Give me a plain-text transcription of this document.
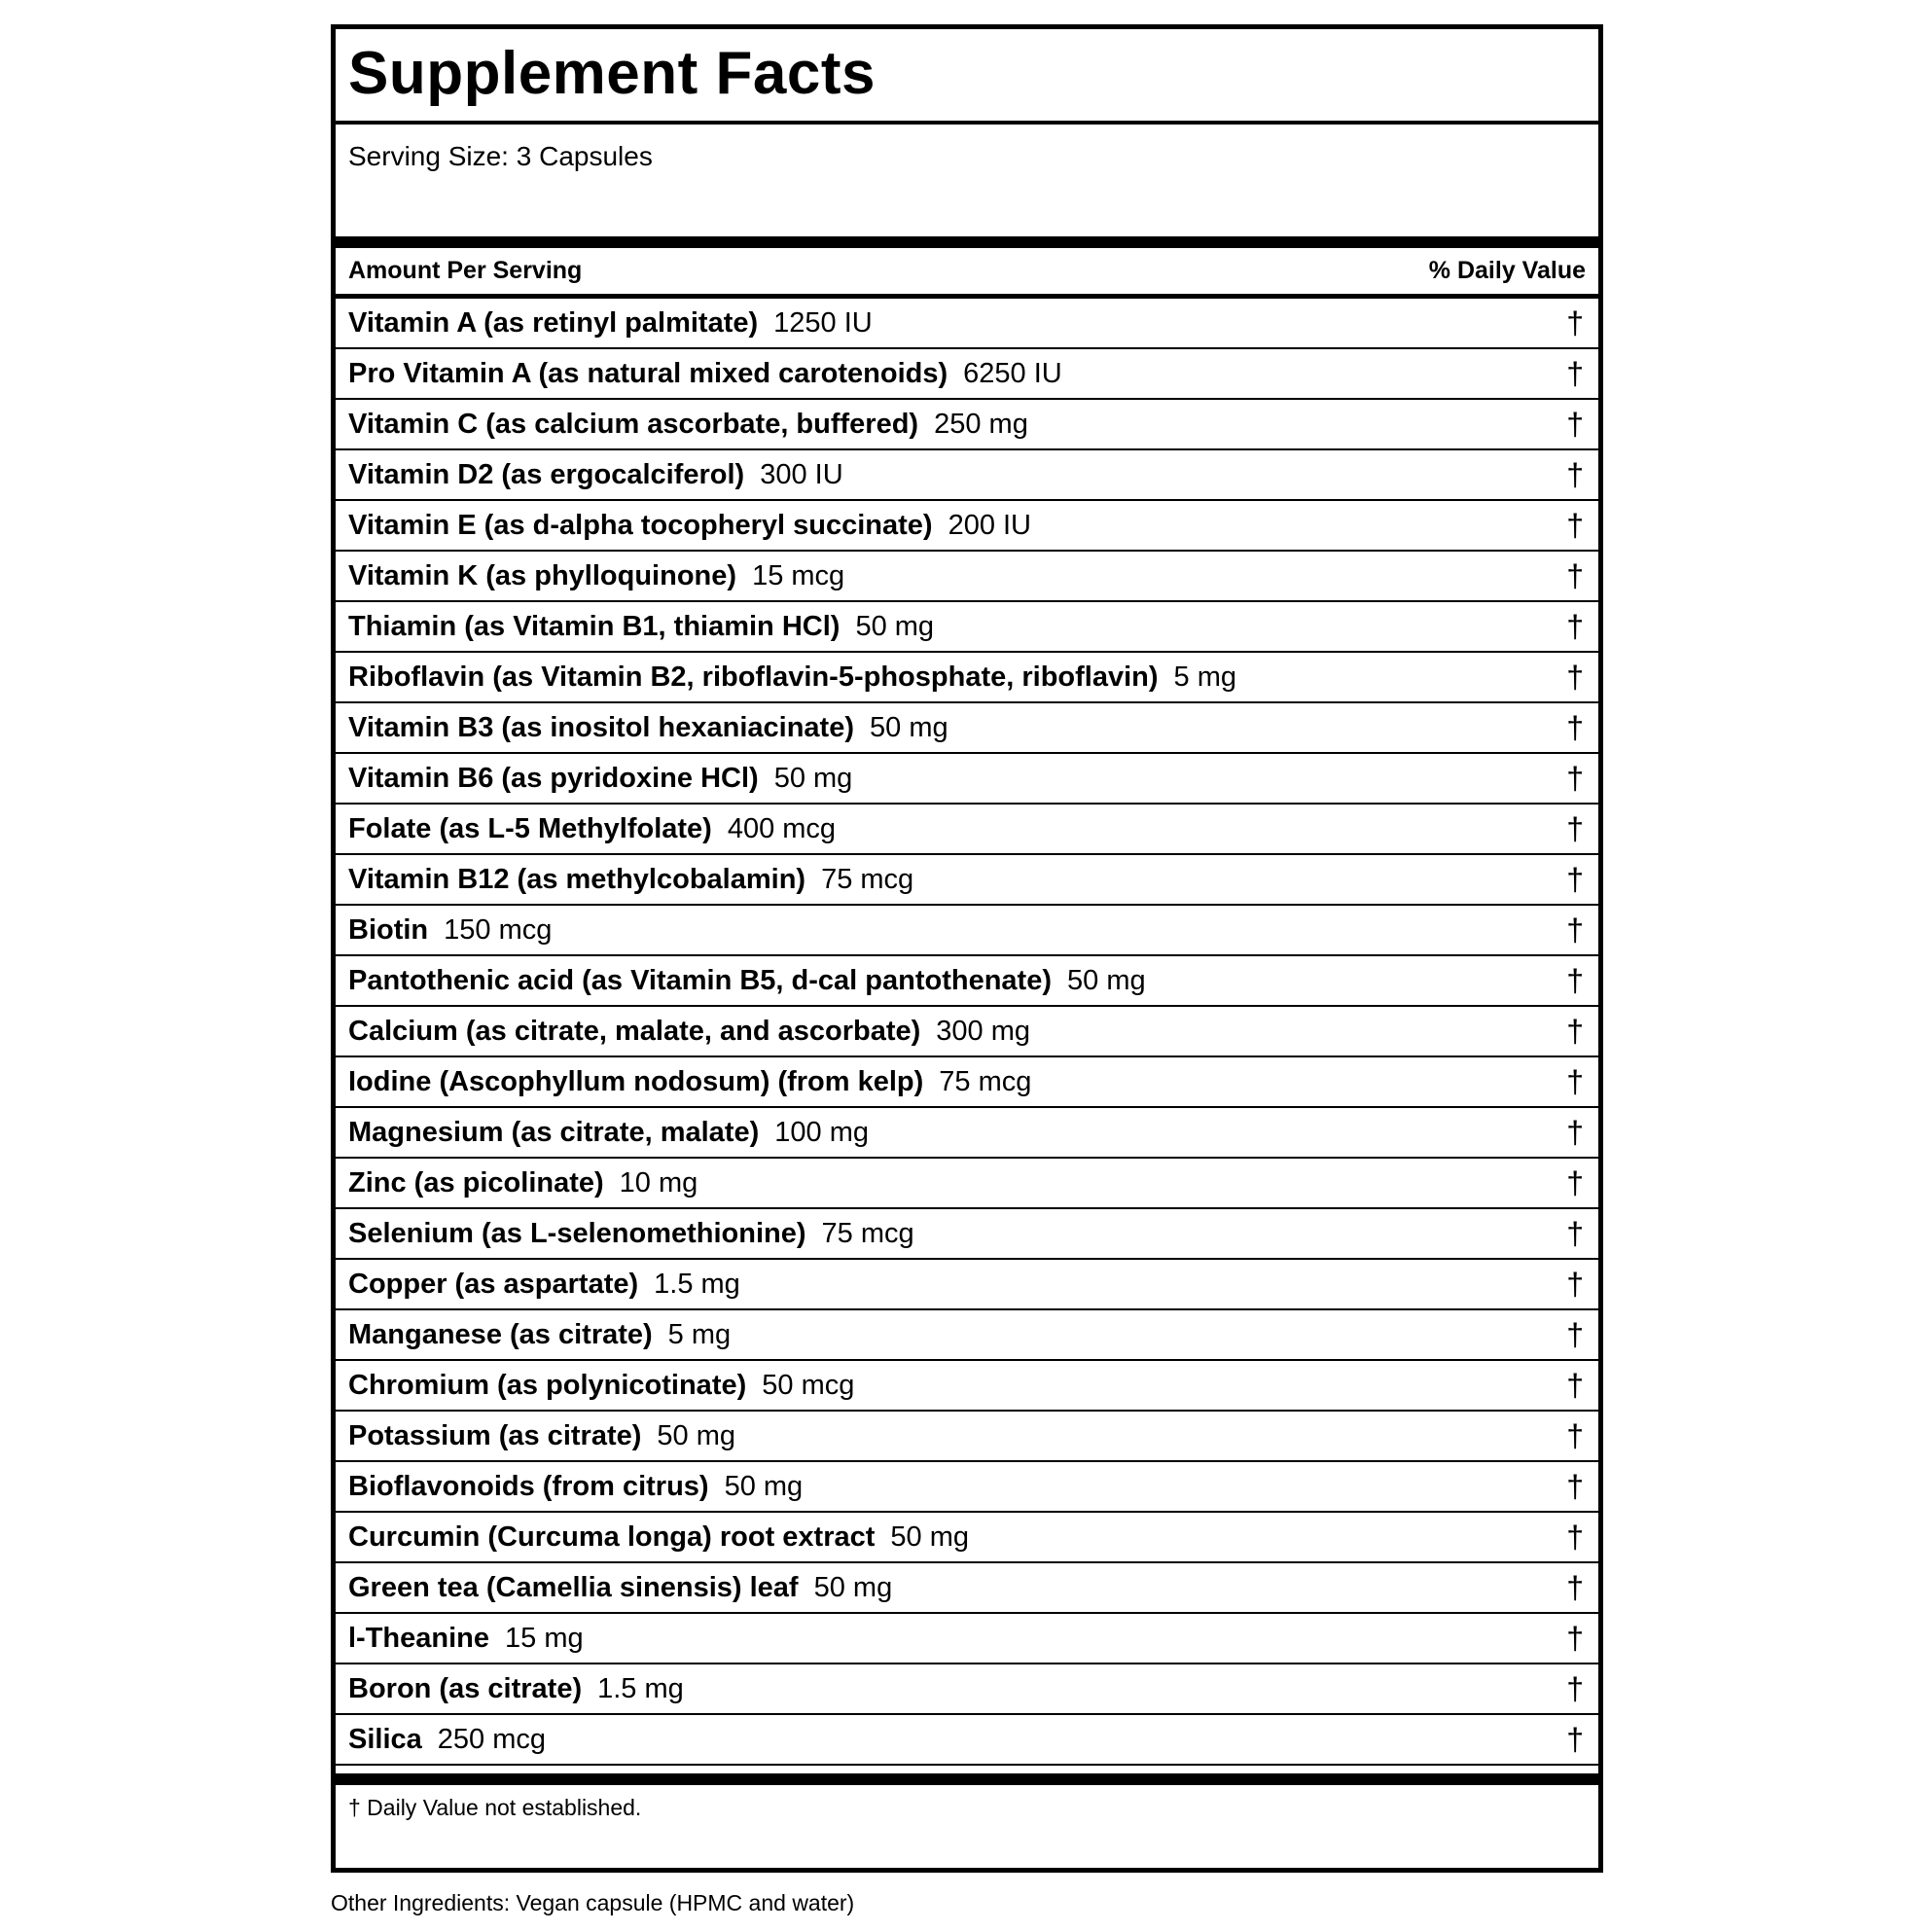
Supplement Facts
Serving Size: 3 Capsules
Amount Per Serving	% Daily Value
Vitamin A (as retinyl palmitate) 1250 IU	†
Pro Vitamin A (as natural mixed carotenoids) 6250 IU	†
Vitamin C (as calcium ascorbate, buffered) 250 mg	†
Vitamin D2 (as ergocalciferol) 300 IU	†
Vitamin E (as d-alpha tocopheryl succinate) 200 IU	†
Vitamin K (as phylloquinone) 15 mcg	†
Thiamin (as Vitamin B1, thiamin HCl) 50 mg	†
Riboflavin (as Vitamin B2, riboflavin-5-phosphate, riboflavin) 5 mg	†
Vitamin B3 (as inositol hexaniacinate) 50 mg	†
Vitamin B6 (as pyridoxine HCl) 50 mg	†
Folate (as L-5 Methylfolate) 400 mcg	†
Vitamin B12 (as methylcobalamin) 75 mcg	†
Biotin 150 mcg	†
Pantothenic acid (as Vitamin B5, d-cal pantothenate) 50 mg	†
Calcium (as citrate, malate, and ascorbate) 300 mg	†
Iodine (Ascophyllum nodosum) (from kelp) 75 mcg	†
Magnesium (as citrate, malate) 100 mg	†
Zinc (as picolinate) 10 mg	†
Selenium (as L-selenomethionine) 75 mcg	†
Copper (as aspartate) 1.5 mg	†
Manganese (as citrate) 5 mg	†
Chromium (as polynicotinate) 50 mcg	†
Potassium (as citrate) 50 mg	†
Bioflavonoids (from citrus) 50 mg	†
Curcumin (Curcuma longa) root extract 50 mg	†
Green tea (Camellia sinensis) leaf 50 mg	†
l-Theanine 15 mg	†
Boron (as citrate) 1.5 mg	†
Silica 250 mcg	†
† Daily Value not established.
Other Ingredients: Vegan capsule (HPMC and water)
